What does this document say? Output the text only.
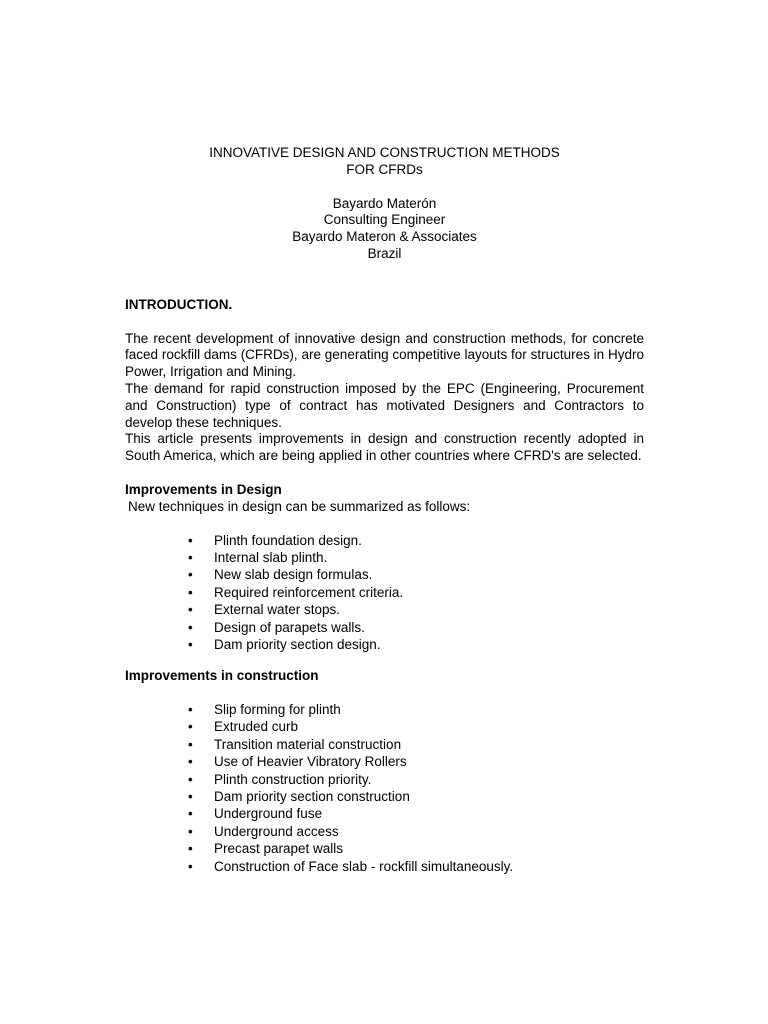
INNOVATIVE DESIGN AND CONSTRUCTION METHODS
FOR CFRDs
Bayardo Materón
Consulting Engineer
Bayardo Materon & Associates
Brazil
INTRODUCTION.

The recent development of innovative design and construction methods, for concrete faced rockfill dams (CFRDs), are generating competitive layouts for structures in Hydro Power, Irrigation and Mining.

The demand for rapid construction imposed by the EPC (Engineering, Procurement and Construction) type of contract has motivated Designers and Contractors to develop these techniques.

This article presents improvements in design and construction recently adopted in South America, which are being applied in other countries where CFRD's are selected.

Improvements in Design
New techniques in design can be summarized as follows:
• Plinth foundation design.
• Internal slab plinth.
• New slab design formulas.
• Required reinforcement criteria.
• External water stops.
• Design of parapets walls.
• Dam priority section design.
Improvements in construction
• Slip forming for plinth
• Extruded curb
• Transition material construction
• Use of Heavier Vibratory Rollers
• Plinth construction priority.
• Dam priority section construction
• Underground fuse
• Underground access
• Precast parapet walls
• Construction of Face slab - rockfill simultaneously.
